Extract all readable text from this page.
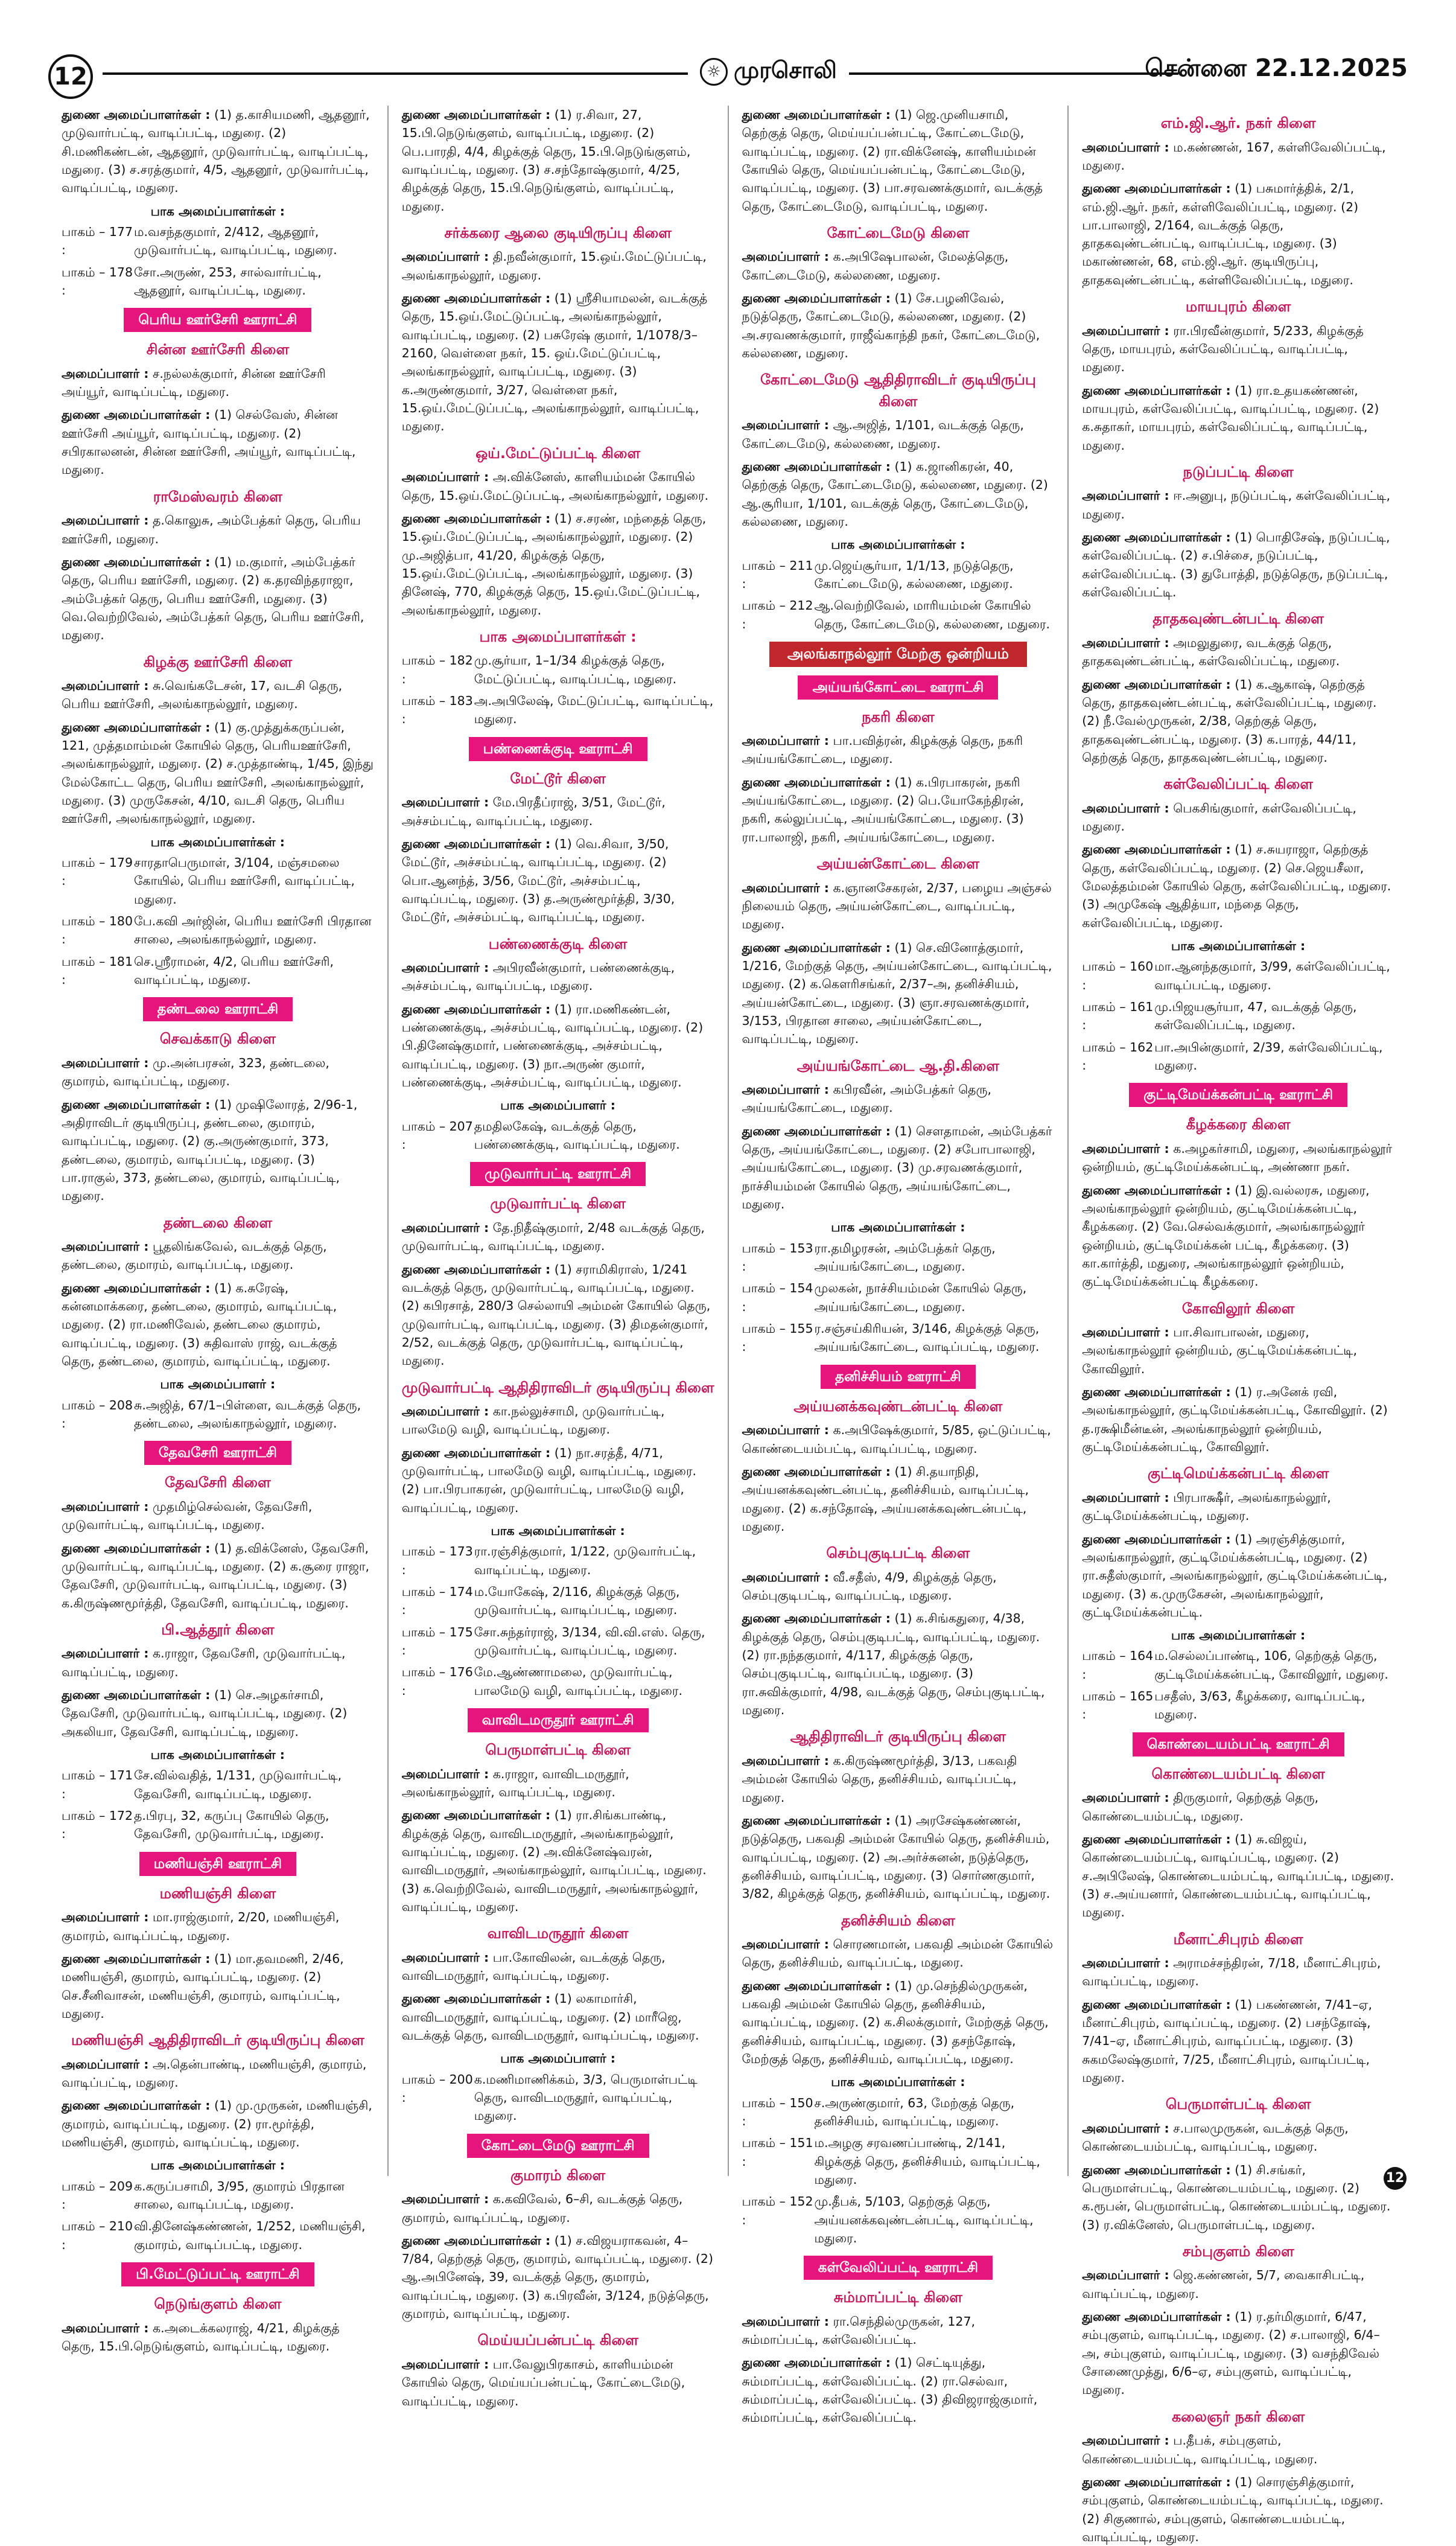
12	☼ முரசொலி	சென்னை 22.12.2025
துணை அமைப்பாளர்கள் : (1) த.காசியமணி, ஆதனூர், முடுவார்பட்டி, வாடிப்பட்டி, மதுரை. (2) சி.மணிகண்டன், ஆதனூர், முடுவார்பட்டி, வாடிப்பட்டி, மதுரை. (3) ச.சரத்குமார், 4/5, ஆதனூர், முடுவார்பட்டி, வாடிப்பட்டி, மதுரை.
பாக அமைப்பாளர்கள் :
பாகம் – 177 :
ம.வசந்தகுமார், 2/412, ஆதனூர், முடுவார்பட்டி, வாடிப்பட்டி, மதுரை.
பாகம் – 178 :
சோ.அருண், 253, சால்வார்பட்டி, ஆதனூர், வாடிப்பட்டி, மதுரை.
பெரிய ஊர்சேரி ஊராட்சி
சின்ன ஊர்சேரி கிளை
அமைப்பாளர் : ச.நல்லக்குமார், சின்ன ஊர்சேரி அய்யூர், வாடிப்பட்டி, மதுரை.
துணை அமைப்பாளர்கள் : (1) செல்வேஸ், சின்ன ஊர்சேரி அய்யூர், வாடிப்பட்டி, மதுரை. (2) சபிரகாலனன், சின்ன ஊர்சேரி, அய்யூர், வாடிப்பட்டி, மதுரை.
ராமேஸ்வரம் கிளை
அமைப்பாளர் : த.கொலுசு, அம்பேத்கர் தெரு, பெரிய ஊர்சேரி, மதுரை.
துணை அமைப்பாளர்கள் : (1) ம.குமார், அம்பேத்கர் தெரு, பெரிய ஊர்சேரி, மதுரை. (2) க.தரவிந்தராஜா, அம்பேத்கர் தெரு, பெரிய ஊர்சேரி, மதுரை. (3) வெ.வெற்றிவேல், அம்பேத்கர் தெரு, பெரிய ஊர்சேரி, மதுரை.
கிழக்கு ஊர்சேரி கிளை
அமைப்பாளர் : சு.வெங்கடேசன், 17, வடசி தெரு, பெரிய ஊர்சேரி, அலங்காநல்லூர், மதுரை.
துணை அமைப்பாளர்கள் : (1) கு.முத்துக்கருப்பன், 121, முத்தமாம்மன் கோயில் தெரு, பெரியஊர்சேரி, அலங்காநல்லூர், மதுரை. (2) ச.முத்தாண்டி, 1/45, இந்து மேல்கோட்ட தெரு, பெரிய ஊர்சேரி, அலங்காநல்லூர், மதுரை. (3) முருகேசன், 4/10, வடசி தெரு, பெரிய ஊர்சேரி, அலங்காநல்லூர், மதுரை.
பாக அமைப்பாளர்கள் :
பாகம் – 179 :
சாரதாபெருமாள், 3/104, மஞ்சமலை கோயில், பெரிய ஊர்சேரி, வாடிப்பட்டி, மதுரை.
பாகம் – 180 :
பே.கவி அர்ஜின், பெரிய ஊர்சேரி பிரதான சாலை, அலங்காநல்லூர், மதுரை.
பாகம் – 181 :
செ.ஸ்ரீராமன், 4/2, பெரிய ஊர்சேரி, வாடிப்பட்டி, மதுரை.
தண்டலை ஊராட்சி
செவக்காடு கிளை
அமைப்பாளர் : மு.அன்பரசன், 323, தண்டலை, குமாரம், வாடிப்பட்டி, மதுரை.
துணை அமைப்பாளர்கள் : (1) முஷிலோரத், 2/96-1, அதிராவிடர் குடியிருப்பு, தண்டலை, குமாரம், வாடிப்பட்டி, மதுரை. (2) கு.அருண்குமார், 373, தண்டலை, குமாரம், வாடிப்பட்டி, மதுரை. (3) பா.ராகுல், 373, தண்டலை, குமாரம், வாடிப்பட்டி, மதுரை.
தண்டலை கிளை
அமைப்பாளர் : பூதலிங்கவேல், வடக்குத் தெரு, தண்டலை, குமாரம், வாடிப்பட்டி, மதுரை.
துணை அமைப்பாளர்கள் : (1) க.சுரேஷ், கன்னமாக்கரை, தண்டலை, குமாரம், வாடிப்பட்டி, மதுரை. (2) ரா.மணிவேல், தண்டலை குமாரம், வாடிப்பட்டி, மதுரை. (3) சுதிவாஸ் ராஜ், வடக்குத் தெரு, தண்டலை, குமாரம், வாடிப்பட்டி, மதுரை.
பாக அமைப்பாளர் :
பாகம் – 208 :
சு.அஜித், 67/1–பிள்ளை, வடக்குத் தெரு, தண்டலை, அலங்காநல்லூர், மதுரை.
தேவசேரி ஊராட்சி
தேவசேரி கிளை
அமைப்பாளர் : முதமிழ்செல்வன், தேவசேரி, முடுவார்பட்டி, வாடிப்பட்டி, மதுரை.
துணை அமைப்பாளர்கள் : (1) த.விக்னேஸ், தேவசேரி, முடுவார்பட்டி, வாடிப்பட்டி, மதுரை. (2) க.சூரை ராஜா, தேவசேரி, முடுவார்பட்டி, வாடிப்பட்டி, மதுரை. (3) க.கிருஷ்ணமூர்த்தி, தேவசேரி, வாடிப்பட்டி, மதுரை.
பி.ஆத்தூர் கிளை
அமைப்பாளர் : க.ராஜா, தேவசேரி, முடுவார்பட்டி, வாடிப்பட்டி, மதுரை.
துணை அமைப்பாளர்கள் : (1) செ.அழகர்சாமி, தேவசேரி, முடுவார்பட்டி, வாடிப்பட்டி, மதுரை. (2) அகலியா, தேவசேரி, வாடிப்பட்டி, மதுரை.
பாக அமைப்பாளர்கள் :
பாகம் – 171 :
சே.வில்வதித், 1/131, முடுவார்பட்டி, தேவசேரி, வாடிப்பட்டி, மதுரை.
பாகம் – 172 :
த.பிரபு, 32, கருப்பு கோயில் தெரு, தேவசேரி, முடுவார்பட்டி, மதுரை.
மணியஞ்சி ஊராட்சி
மணியஞ்சி கிளை
அமைப்பாளர் : மா.ராஜ்குமார், 2/20, மணியஞ்சி, குமாரம், வாடிப்பட்டி, மதுரை.
துணை அமைப்பாளர்கள் : (1) மா.தவமணி, 2/46, மணியஞ்சி, குமாரம், வாடிப்பட்டி, மதுரை. (2) செ.சீனிவாசன், மணியஞ்சி, குமாரம், வாடிப்பட்டி, மதுரை.
மணியஞ்சி ஆதிதிராவிடர் குடியிருப்பு கிளை
அமைப்பாளர் : அ.தென்பாண்டி, மணியஞ்சி, குமாரம், வாடிப்பட்டி, மதுரை.
துணை அமைப்பாளர்கள் : (1) மு.முருகன், மணியஞ்சி, குமாரம், வாடிப்பட்டி, மதுரை. (2) ரா.மூர்த்தி, மணியஞ்சி, குமாரம், வாடிப்பட்டி, மதுரை.
பாக அமைப்பாளர்கள் :
பாகம் – 209 :
க.கருப்பசாமி, 3/95, குமாரம் பிரதான சாலை, வாடிப்பட்டி, மதுரை.
பாகம் – 210 :
வி.தினேஷ்கண்ணன், 1/252, மணியஞ்சி, குமாரம், வாடிப்பட்டி, மதுரை.
பி.மேட்டுப்பட்டி ஊராட்சி
நெடுங்குளம் கிளை
அமைப்பாளர் : க.அடைக்கலராஜ், 4/21, கிழக்குத் தெரு, 15.பி.நெடுங்குளம், வாடிப்பட்டி, மதுரை.
துணை அமைப்பாளர்கள் : (1) ர.சிவா, 27, 15.பி.நெடுங்குளம், வாடிப்பட்டி, மதுரை. (2) பெ.பாரதி, 4/4, கிழக்குத் தெரு, 15.பி.நெடுங்குளம், வாடிப்பட்டி, மதுரை. (3) ச.சந்தோஷ்குமார், 4/25, கிழக்குத் தெரு, 15.பி.நெடுங்குளம், வாடிப்பட்டி, மதுரை.
சர்க்கரை ஆலை குடியிருப்பு கிளை
அமைப்பாளர் : தி.நவீன்குமார், 15.ஒய்.மேட்டுப்பட்டி, அலங்காநல்லூர், மதுரை.
துணை அமைப்பாளர்கள் : (1) ஸ்ரீசியாமலன், வடக்குத் தெரு, 15.ஒய்.மேட்டுப்பட்டி, அலங்காநல்லூர், வாடிப்பட்டி, மதுரை. (2) பசுரேஷ் குமார், 1/1078/3–2160, வெள்ளை நகர், 15. ஒய்.மேட்டுப்பட்டி, அலங்காநல்லூர், வாடிப்பட்டி, மதுரை. (3) க.அருண்குமார், 3/27, வெள்ளை நகர், 15.ஒய்.மேட்டுப்பட்டி, அலங்காநல்லூர், வாடிப்பட்டி, மதுரை.
ஒய்.மேட்டுப்பட்டி கிளை
அமைப்பாளர் : அ.விக்னேஸ், காளியம்மன் கோயில் தெரு, 15.ஒய்.மேட்டுப்பட்டி, அலங்காநல்லூர், மதுரை.
துணை அமைப்பாளர்கள் : (1) ச.சரண், மந்தைத் தெரு, 15.ஒய்.மேட்டுப்பட்டி, அலங்காநல்லூர், மதுரை. (2) மு.அஜித்பா, 41/20, கிழக்குத் தெரு, 15.ஒய்.மேட்டுப்பட்டி, அலங்காநல்லூர், மதுரை. (3) தினேஷ், 770, கிழக்குத் தெரு, 15.ஒய்.மேட்டுப்பட்டி, அலங்காநல்லூர், மதுரை.
பாக அமைப்பாளர்கள் :
பாகம் – 182 :
மு.சூர்யா, 1–1/34 கிழக்குத் தெரு, மேட்டுப்பட்டி, வாடிப்பட்டி, மதுரை.
பாகம் – 183 :
அ.அபிலேஷ், மேட்டுப்பட்டி, வாடிப்பட்டி, மதுரை.
பண்ணைக்குடி ஊராட்சி
மேட்டூர் கிளை
அமைப்பாளர் : மே.பிரதீப்ராஜ், 3/51, மேட்டூர், அச்சம்பட்டி, வாடிப்பட்டி, மதுரை.
துணை அமைப்பாளர்கள் : (1) வெ.சிவா, 3/50, மேட்டூர், அச்சம்பட்டி, வாடிப்பட்டி, மதுரை. (2) பொ.ஆனந்த், 3/56, மேட்டூர், அச்சம்பட்டி, வாடிப்பட்டி, மதுரை. (3) த.அருண்மூர்த்தி, 3/30, மேட்டூர், அச்சம்பட்டி, வாடிப்பட்டி, மதுரை.
பண்ணைக்குடி கிளை
அமைப்பாளர் : அபிரவீன்குமார், பண்ணைக்குடி, அச்சம்பட்டி, வாடிப்பட்டி, மதுரை.
துணை அமைப்பாளர்கள் : (1) ரா.மணிகண்டன், பண்ணைக்குடி, அச்சம்பட்டி, வாடிப்பட்டி, மதுரை. (2) பி.தினேஷ்குமார், பண்ணைக்குடி, அச்சம்பட்டி, வாடிப்பட்டி, மதுரை. (3) நா.அருண் குமார், பண்ணைக்குடி, அச்சம்பட்டி, வாடிப்பட்டி, மதுரை.
பாக அமைப்பாளர் :
பாகம் – 207 :
தமதிலகேஷ், வடக்குத் தெரு, பண்ணைக்குடி, வாடிப்பட்டி, மதுரை.
முடுவார்பட்டி ஊராட்சி
முடுவார்பட்டி கிளை
அமைப்பாளர் : தே.நிதீஷ்குமார், 2/48 வடக்குத் தெரு, முடுவார்பட்டி, வாடிப்பட்டி, மதுரை.
துணை அமைப்பாளர்கள் : (1) சராமிகிராஸ், 1/241 வடக்குத் தெரு, முடுவார்பட்டி, வாடிப்பட்டி, மதுரை. (2) கபிரசாத், 280/3 செல்லாயி அம்மன் கோயில் தெரு, முடுவார்பட்டி, வாடிப்பட்டி, மதுரை. (3) திமதன்குமார், 2/52, வடக்குத் தெரு, முடுவார்பட்டி, வாடிப்பட்டி, மதுரை.
முடுவார்பட்டி ஆதிதிராவிடர் குடியிருப்பு கிளை
அமைப்பாளர் : கா.நல்லுச்சாமி, முடுவார்பட்டி, பாலமேடு வழி, வாடிப்பட்டி, மதுரை.
துணை அமைப்பாளர்கள் : (1) நா.சரத்தீ, 4/71, முடுவார்பட்டி, பாலமேடு வழி, வாடிப்பட்டி, மதுரை. (2) பா.பிரபாகரன், முடுவார்பட்டி, பாலமேடு வழி, வாடிப்பட்டி, மதுரை.
பாக அமைப்பாளர்கள் :
பாகம் – 173 :
ரா.ரஞ்சித்குமார், 1/122, முடுவார்பட்டி, வாடிப்பட்டி, மதுரை.
பாகம் – 174 :
ம.யோகேஷ், 2/116, கிழக்குத் தெரு, முடுவார்பட்டி, வாடிப்பட்டி, மதுரை.
பாகம் – 175 :
சோ.சுந்தர்ராஜ், 3/134, வி.வி.எஸ். தெரு, முடுவார்பட்டி, வாடிப்பட்டி, மதுரை.
பாகம் – 176 :
மே.ஆண்ணாமலை, முடுவார்பட்டி, பாலமேடு வழி, வாடிப்பட்டி, மதுரை.
வாவிடமருதூர் ஊராட்சி
பெருமாள்பட்டி கிளை
அமைப்பாளர் : க.ராஜா, வாவிடமருதூர், அலங்காநல்லூர், வாடிப்பட்டி, மதுரை.
துணை அமைப்பாளர்கள் : (1) ரா.சிங்கபாண்டி, கிழக்குத் தெரு, வாவிடமருதூர், அலங்காநல்லூர், வாடிப்பட்டி, மதுரை. (2) அ.விக்னேஷ்வரன், வாவிடமருதூர், அலங்காநல்லூர், வாடிப்பட்டி, மதுரை. (3) க.வெற்றிவேல், வாவிடமருதூர், அலங்காநல்லூர், வாடிப்பட்டி, மதுரை.
வாவிடமருதூர் கிளை
அமைப்பாளர் : பா.கோவிலன், வடக்குத் தெரு, வாவிடமருதூர், வாடிப்பட்டி, மதுரை.
துணை அமைப்பாளர்கள் : (1) லகாமார்சி, வாவிடமருதூர், வாடிப்பட்டி, மதுரை. (2) மாரீஜெ, வடக்குத் தெரு, வாவிடமருதூர், வாடிப்பட்டி, மதுரை.
பாக அமைப்பாளர் :
பாகம் – 200 :
க.மணிமாணிக்கம், 3/3, பெருமாள்பட்டி தெரு, வாவிடமருதூர், வாடிப்பட்டி, மதுரை.
கோட்டைமேடு ஊராட்சி
குமாரம் கிளை
அமைப்பாளர் : க.கவிவேல், 6–சி, வடக்குத் தெரு, குமாரம், வாடிப்பட்டி, மதுரை.
துணை அமைப்பாளர்கள் : (1) ச.விஜயராகவன், 4–7/84, தெற்குத் தெரு, குமாரம், வாடிப்பட்டி, மதுரை. (2) ஆ.அபினேஷ், 39, வடக்குத் தெரு, குமாரம், வாடிப்பட்டி, மதுரை. (3) க.பிரவீன், 3/124, நடுத்தெரு, குமாரம், வாடிப்பட்டி, மதுரை.
மெய்யப்பன்பட்டி கிளை
அமைப்பாளர் : பா.வேலுபிரகாசம், காளியம்மன் கோயில் தெரு, மெய்யப்பன்பட்டி, கோட்டைமேடு, வாடிப்பட்டி, மதுரை.
துணை அமைப்பாளர்கள் : (1) ஜெ.முனியசாமி, தெற்குத் தெரு, மெய்யப்பன்பட்டி, கோட்டைமேடு, வாடிப்பட்டி, மதுரை. (2) ரா.விக்னேஷ், காளியம்மன் கோயில் தெரு, மெய்யப்பன்பட்டி, கோட்டைமேடு, வாடிப்பட்டி, மதுரை. (3) பா.சரவணக்குமார், வடக்குத் தெரு, கோட்டைமேடு, வாடிப்பட்டி, மதுரை.
கோட்டைமேடு கிளை
அமைப்பாளர் : க.அபிஷேபாலன், மேலத்தெரு, கோட்டைமேடு, கல்லணை, மதுரை.
துணை அமைப்பாளர்கள் : (1) சே.பழனிவேல், நடுத்தெரு, கோட்டைமேடு, கல்லணை, மதுரை. (2) அ.சரவணக்குமார், ராஜீவ்காந்தி நகர், கோட்டைமேடு, கல்லணை, மதுரை.
கோட்டைமேடு ஆதிதிராவிடர் குடியிருப்பு கிளை
அமைப்பாளர் : ஆ.அஜித், 1/101, வடக்குத் தெரு, கோட்டைமேடு, கல்லணை, மதுரை.
துணை அமைப்பாளர்கள் : (1) க.ஜானிகரன், 40, தெற்குத் தெரு, கோட்டைமேடு, கல்லணை, மதுரை. (2) ஆ.சூரியா, 1/101, வடக்குத் தெரு, கோட்டைமேடு, கல்லணை, மதுரை.
பாக அமைப்பாளர்கள் :
பாகம் – 211 :
மு.ஜெய்சூர்யா, 1/1/13, நடுத்தெரு, கோட்டைமேடு, கல்லணை, மதுரை.
பாகம் – 212 :
ஆ.வெற்றிவேல், மாரியம்மன் கோயில் தெரு, கோட்டைமேடு, கல்லணை, மதுரை.
அலங்காநல்லூர் மேற்கு ஒன்றியம்
அய்யங்கோட்டை ஊராட்சி
நகரி கிளை
அமைப்பாளர் : பா.பவித்ரன், கிழக்குத் தெரு, நகரி அய்யங்கோட்டை, மதுரை.
துணை அமைப்பாளர்கள் : (1) க.பிரபாகரன், நகரி அய்யங்கோட்டை, மதுரை. (2) பெ.யோகேந்திரன், நகரி, கல்லுப்பட்டி, அய்யங்கோட்டை, மதுரை. (3) ரா.பாலாஜி, நகரி, அய்யங்கோட்டை, மதுரை.
அய்யன்கோட்டை கிளை
அமைப்பாளர் : க.ஞானசேகரன், 2/37, பழைய அஞ்சல் நிலையம் தெரு, அய்யன்கோட்டை, வாடிப்பட்டி, மதுரை.
துணை அமைப்பாளர்கள் : (1) செ.வினோத்குமார், 1/216, மேற்குத் தெரு, அய்யன்கோட்டை, வாடிப்பட்டி, மதுரை. (2) க.கௌரிசங்கர், 2/37–அ, தனிச்சியம், அய்யன்கோட்டை, மதுரை. (3) ஞா.சரவணக்குமார், 3/153, பிரதான சாலை, அய்யன்கோட்டை, வாடிப்பட்டி, மதுரை.
அய்யங்கோட்டை ஆ.தி.கிளை
அமைப்பாளர் : கபிரவீன், அம்பேத்கர் தெரு, அய்யங்கோட்டை, மதுரை.
துணை அமைப்பாளர்கள் : (1) சௌதாமன், அம்பேத்கர் தெரு, அய்யங்கோட்டை, மதுரை. (2) சபோபாலாஜி, அய்யங்கோட்டை, மதுரை. (3) மு.சரவணக்குமார், நாச்சியம்மன் கோயில் தெரு, அய்யங்கோட்டை, மதுரை.
பாக அமைப்பாளர்கள் :
பாகம் – 153 :
ரா.தமிழரசன், அம்பேத்கர் தெரு, அய்யங்கோட்டை, மதுரை.
பாகம் – 154 :
முலகன், நாச்சியம்மன் கோயில் தெரு, அய்யங்கோட்டை, மதுரை.
பாகம் – 155 :
ர.சஞ்சய்கிரியன், 3/146, கிழக்குத் தெரு, அய்யங்கோட்டை, வாடிப்பட்டி, மதுரை.
தனிச்சியம் ஊராட்சி
அய்யனக்கவுண்டன்பட்டி கிளை
அமைப்பாளர் : க.அபிஷேக்குமார், 5/85, ஒட்டுப்பட்டி, கொண்டையம்பட்டி, வாடிப்பட்டி, மதுரை.
துணை அமைப்பாளர்கள் : (1) சி.தயாநிதி, அய்யனக்கவுண்டன்பட்டி, தனிச்சியம், வாடிப்பட்டி, மதுரை. (2) க.சந்தோஷ், அய்யனக்கவுண்டன்பட்டி, மதுரை.
செம்புகுடிபட்டி கிளை
அமைப்பாளர் : வீ.சதீஸ், 4/9, கிழக்குத் தெரு, செம்புகுடிபட்டி, வாடிப்பட்டி, மதுரை.
துணை அமைப்பாளர்கள் : (1) க.சிங்கதுரை, 4/38, கிழக்குத் தெரு, செம்புகுடிபட்டி, வாடிப்பட்டி, மதுரை. (2) ரா.நந்தகுமார், 4/117, கிழக்குத் தெரு, செம்புகுடிபட்டி, வாடிப்பட்டி, மதுரை. (3) ரா.சுவிக்குமார், 4/98, வடக்குத் தெரு, செம்புகுடிபட்டி, மதுரை.
ஆதிதிராவிடர் குடியிருப்பு கிளை
அமைப்பாளர் : க.கிருஷ்ணமூர்த்தி, 3/13, பகவதி அம்மன் கோயில் தெரு, தனிச்சியம், வாடிப்பட்டி, மதுரை.
துணை அமைப்பாளர்கள் : (1) அரசேஷ்கண்ணன், நடுத்தெரு, பகவதி அம்மன் கோயில் தெரு, தனிச்சியம், வாடிப்பட்டி, மதுரை. (2) அ.அர்ச்சுனன், நடுத்தெரு, தனிச்சியம், வாடிப்பட்டி, மதுரை. (3) சொர்ணகுமார், 3/82, கிழக்குத் தெரு, தனிச்சியம், வாடிப்பட்டி, மதுரை.
தனிச்சியம் கிளை
அமைப்பாளர் : சொரணமான், பகவதி அம்மன் கோயில் தெரு, தனிச்சியம், வாடிப்பட்டி, மதுரை.
துணை அமைப்பாளர்கள் : (1) மு.செந்தில்முருகன், பகவதி அம்மன் கோயில் தெரு, தனிச்சியம், வாடிப்பட்டி, மதுரை. (2) க.சிலக்குமார், மேற்குத் தெரு, தனிச்சியம், வாடிப்பட்டி, மதுரை. (3) தசந்தோஷ், மேற்குத் தெரு, தனிச்சியம், வாடிப்பட்டி, மதுரை.
பாக அமைப்பாளர்கள் :
பாகம் – 150 :
ச.அருண்குமார், 63, மேற்குத் தெரு, தனிச்சியம், வாடிப்பட்டி, மதுரை.
பாகம் – 151 :
ம.அழகு சரவணப்பாண்டி, 2/141, கிழக்குத் தெரு, தனிச்சியம், வாடிப்பட்டி, மதுரை.
பாகம் – 152 :
மு.தீபக், 5/103, தெற்குத் தெரு, அய்யனக்கவுண்டன்பட்டி, வாடிப்பட்டி, மதுரை.
கள்வேலிப்பட்டி ஊராட்சி
சும்மாப்பட்டி கிளை
அமைப்பாளர் : ரா.செந்தில்முருகன், 127, சும்மாப்பட்டி, கள்வேலிப்பட்டி.
துணை அமைப்பாளர்கள் : (1) செட்டியுத்து, சும்மாப்பட்டி, கள்வேலிப்பட்டி. (2) ரா.செல்வா, சும்மாப்பட்டி, கள்வேலிப்பட்டி. (3) திவிஜராஜ்குமார், சும்மாப்பட்டி, கள்வேலிப்பட்டி.
எம்.ஜி.ஆர். நகர் கிளை
அமைப்பாளர் : ம.கண்ணன், 167, கள்ளிவேலிப்பட்டி, மதுரை.
துணை அமைப்பாளர்கள் : (1) பசுமார்த்திக், 2/1, எம்.ஜி.ஆர். நகர், கள்ளிவேலிப்பட்டி, மதுரை. (2) பா.பாலாஜி, 2/164, வடக்குத் தெரு, தாதகவுண்டன்பட்டி, வாடிப்பட்டி, மதுரை. (3) மகாண்ணன், 68, எம்.ஜி.ஆர். குடியிருப்பு, தாதகவுண்டன்பட்டி, கள்ளிவேலிப்பட்டி, மதுரை.
மாயபுரம் கிளை
அமைப்பாளர் : ரா.பிரவீன்குமார், 5/233, கிழக்குத் தெரு, மாயபுரம், கள்வேலிப்பட்டி, வாடிப்பட்டி, மதுரை.
துணை அமைப்பாளர்கள் : (1) ரா.உதயகண்ணன், மாயபுரம், கள்வேலிப்பட்டி, வாடிப்பட்டி, மதுரை. (2) க.சுதாகர், மாயபுரம், கள்வேலிப்பட்டி, வாடிப்பட்டி, மதுரை.
நடுப்பட்டி கிளை
அமைப்பாளர் : ஈ.அனுபு, நடுப்பட்டி, கள்வேலிப்பட்டி, மதுரை.
துணை அமைப்பாளர்கள் : (1) பொதிசேஷ், நடுப்பட்டி, கள்வேலிப்பட்டி. (2) ச.பிச்சை, நடுப்பட்டி, கள்வேலிப்பட்டி. (3) துபோத்தி, நடுத்தெரு, நடுப்பட்டி, கள்வேலிப்பட்டி.
தாதகவுண்டன்பட்டி கிளை
அமைப்பாளர் : அமலுதுரை, வடக்குத் தெரு, தாதகவுண்டன்பட்டி, கள்வேலிப்பட்டி, மதுரை.
துணை அமைப்பாளர்கள் : (1) க.ஆகாஷ், தெற்குத் தெரு, தாதகவுண்டன்பட்டி, கள்வேலிப்பட்டி, மதுரை. (2) நீ.வேல்முருகன், 2/38, தெற்குத் தெரு, தாதகவுண்டன்பட்டி, மதுரை. (3) க.பாரத், 44/11, தெற்குத் தெரு, தாதகவுண்டன்பட்டி, மதுரை.
கள்வேலிப்பட்டி கிளை
அமைப்பாளர் : பெகசிங்குமார், கள்வேலிப்பட்டி, மதுரை.
துணை அமைப்பாளர்கள் : (1) ச.சுயராஜா, தெற்குத் தெரு, கள்வேலிப்பட்டி, மதுரை. (2) செ.ஜெயசீலா, மேலத்தம்மன் கோயில் தெரு, கள்வேலிப்பட்டி, மதுரை. (3) அமுகேஷ் ஆதித்யா, மந்தை தெரு, கள்வேலிப்பட்டி, மதுரை.
பாக அமைப்பாளர்கள் :
பாகம் – 160 :
மா.ஆனந்தகுமார், 3/99, கள்வேலிப்பட்டி, வாடிப்பட்டி, மதுரை.
பாகம் – 161 :
மு.பிஜயசூர்யா, 47, வடக்குத் தெரு, கள்வேலிப்பட்டி, மதுரை.
பாகம் – 162 :
பா.அபின்குமார், 2/39, கள்வேலிப்பட்டி, மதுரை.
குட்டிமேய்க்கன்பட்டி ஊராட்சி
கீழக்கரை கிளை
அமைப்பாளர் : க.அழகர்சாமி, மதுரை, அலங்காநல்லூர் ஒன்றியம், குட்டிமேய்க்கன்பட்டி, அண்ணா நகர்.
துணை அமைப்பாளர்கள் : (1) இ.வல்லரசு, மதுரை, அலங்காநல்லூர் ஒன்றியம், குட்டிமேய்க்கன்பட்டி, கீழக்கரை. (2) வே.செல்வக்குமார், அலங்காநல்லூர் ஒன்றியம், குட்டிமேய்க்கன் பட்டி, கீழக்கரை. (3) கா.கார்த்தி, மதுரை, அலங்காநல்லூர் ஒன்றியம், குட்டிமேய்க்கன்பட்டி கீழக்கரை.
கோவிலூர் கிளை
அமைப்பாளர் : பா.சிவாபாலன், மதுரை, அலங்காநல்லூர் ஒன்றியம், குட்டிமேய்க்கன்பட்டி, கோவிலூர்.
துணை அமைப்பாளர்கள் : (1) ர.அனேக் ரவி, அலங்காநல்லூர், குட்டிமேய்க்கன்பட்டி, கோவிலூர். (2) த.ரக்ஷிமீன்டீன், அலங்காநல்லூர் ஒன்றியம், குட்டிமேய்க்கன்பட்டி, கோவிலூர்.
குட்டிமெய்க்கன்பட்டி கிளை
அமைப்பாளர் : பிரபாக்ஷீர், அலங்காநல்லூர், குட்டிமேய்க்கன்பட்டி, மதுரை.
துணை அமைப்பாளர்கள் : (1) அரஞ்சித்குமார், அலங்காநல்லூர், குட்டிமேய்க்கன்பட்டி, மதுரை. (2) ரா.சுதீஸ்குமார், அலங்காநல்லூர், குட்டிமேய்க்கன்பட்டி, மதுரை. (3) க.முருகேசன், அலங்காநல்லூர், குட்டிமேய்க்கன்பட்டி.
பாக அமைப்பாளர்கள் :
பாகம் – 164 :
ம.செல்லப்பாண்டி, 106, தெற்குத் தெரு, குட்டிமேய்க்கன்பட்டி, கோவிலூர், மதுரை.
பாகம் – 165 :
பசதீஸ், 3/63, கீழக்கரை, வாடிப்பட்டி, மதுரை.
கொண்டையம்பட்டி ஊராட்சி
கொண்டையம்பட்டி கிளை
அமைப்பாளர் : திருகுமார், தெற்குத் தெரு, கொண்டையம்பட்டி, மதுரை.
துணை அமைப்பாளர்கள் : (1) சு.விஜய், கொண்டையம்பட்டி, வாடிப்பட்டி, மதுரை. (2) ச.அபிலேஷ், கொண்டையம்பட்டி, வாடிப்பட்டி, மதுரை. (3) ச.அய்யனார், கொண்டையம்பட்டி, வாடிப்பட்டி, மதுரை.
மீனாட்சிபுரம் கிளை
அமைப்பாளர் : அராமச்சந்திரன், 7/18, மீனாட்சிபுரம், வாடிப்பட்டி, மதுரை.
துணை அமைப்பாளர்கள் : (1) பகண்ணன், 7/41–ஏ, மீனாட்சிபுரம், வாடிப்பட்டி, மதுரை. (2) பசந்தோஷ், 7/41–ஏ, மீனாட்சிபுரம், வாடிப்பட்டி, மதுரை. (3) சுகமலேஷ்குமார், 7/25, மீனாட்சிபுரம், வாடிப்பட்டி, மதுரை.
பெருமாள்பட்டி கிளை
அமைப்பாளர் : ச.பாலமுருகன், வடக்குத் தெரு, கொண்டையம்பட்டி, வாடிப்பட்டி, மதுரை.
துணை அமைப்பாளர்கள் : (1) சி.சங்கர், பெருமாள்பட்டி, கொண்டையம்பட்டி, மதுரை. (2) க.ரூபன், பெருமாள்பட்டி, கொண்டையம்பட்டி, மதுரை. (3) ர.விக்னேஸ், பெருமாள்பட்டி, மதுரை.
சம்புகுளம் கிளை
அமைப்பாளர் : ஜெ.கண்ணன், 5/7, வைகாசிபட்டி, வாடிப்பட்டி, மதுரை.
துணை அமைப்பாளர்கள் : (1) ர.தர்மிகுமார், 6/47, சம்புகுளம், வாடிப்பட்டி, மதுரை. (2) ச.பாலாஜி, 6/4–அ, சம்புகுளம், வாடிப்பட்டி, மதுரை. (3) வசந்திவேல் சோணைமுத்து, 6/6–ஏ, சம்புகுளம், வாடிப்பட்டி, மதுரை.
கலைஞர் நகர் கிளை
அமைப்பாளர் : ப.தீபக், சம்புகுளம், கொண்டையம்பட்டி, வாடிப்பட்டி, மதுரை.
துணை அமைப்பாளர்கள் : (1) சொரஞ்சித்குமார், சம்புகுளம், கொண்டையம்பட்டி, வாடிப்பட்டி, மதுரை. (2) சிகுணால், சம்புகுளம், கொண்டையம்பட்டி, வாடிப்பட்டி, மதுரை.
12
